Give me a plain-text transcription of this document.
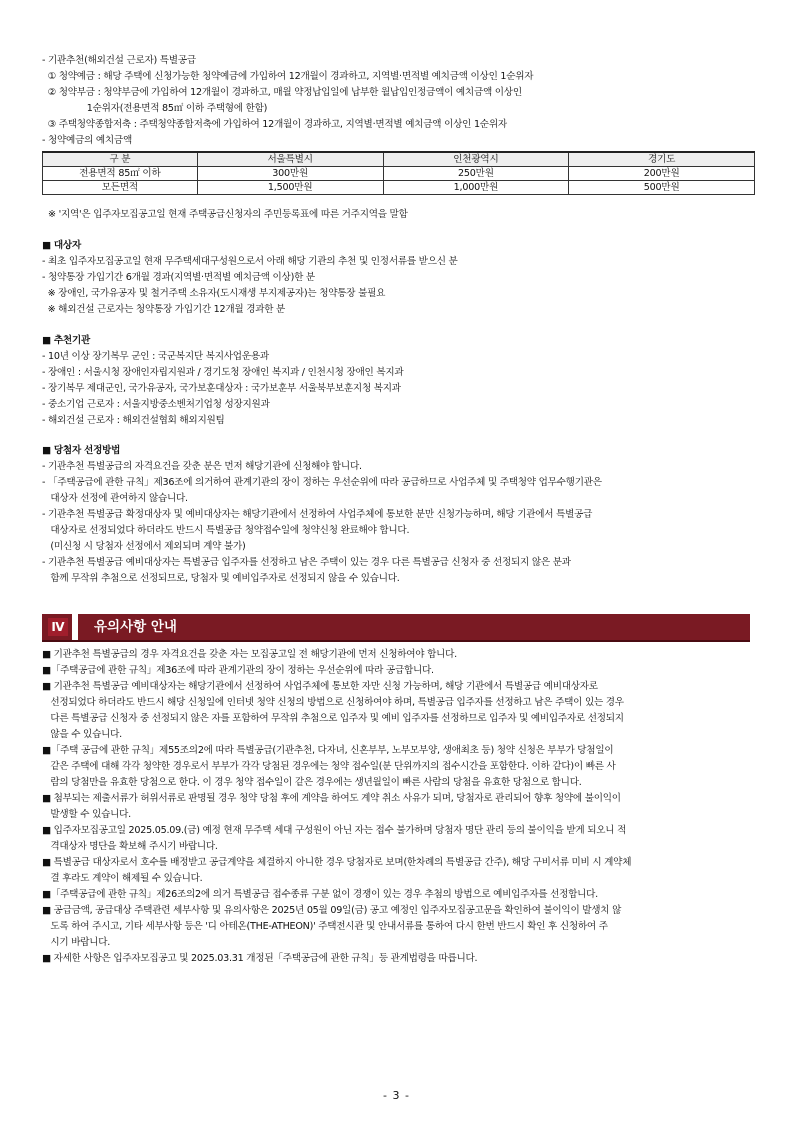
- 기관추천(해외건설 근로자) 특별공급
① 청약예금 : 해당 주택에 신청가능한 청약예금에 가입하여 12개월이 경과하고, 지역별·면적별 예치금액 이상인 1순위자
② 청약부금 : 청약부금에 가입하여 12개월이 경과하고, 매월 약정납입일에 납부한 월납입인정금액이 예치금액 이상인
1순위자(전용면적 85㎡ 이하 주택형에 한함)
③ 주택청약종합저축 : 주택청약종합저축에 가입하여 12개월이 경과하고, 지역별·면적별 예치금액 이상인 1순위자
- 청약예금의 예치금액
구 분	서울특별시	인천광역시	경기도
전용면적 85㎡ 이하	300만원	250만원	200만원
모든면적	1,500만원	1,000만원	500만원
※ '지역'은 입주자모집공고일 현재 주택공급신청자의 주민등록표에 따른 거주지역을 말함
■ 대상자
- 최초 입주자모집공고일 현재 무주택세대구성원으로서 아래 해당 기관의 추천 및 인정서류를 받으신 분
- 청약통장 가입기간 6개월 경과(지역별·면적별 예치금액 이상)한 분
※ 장애인, 국가유공자 및 철거주택 소유자(도시재생 부지제공자)는 청약통장 불필요
※ 해외건설 근로자는 청약통장 가입기간 12개월 경과한 분
■ 추천기관
- 10년 이상 장기복무 군인 : 국군복지단 복지사업운용과
- 장애인 : 서울시청 장애인자립지원과 / 경기도청 장애인 복지과 / 인천시청 장애인 복지과
- 장기복무 제대군인, 국가유공자, 국가보훈대상자 : 국가보훈부 서울북부보훈지청 복지과
- 중소기업 근로자 : 서울지방중소벤처기업청 성장지원과
- 해외건설 근로자 : 해외건설협회 해외지원팀
■ 당첨자 선정방법
- 기관추천 특별공급의 자격요건을 갖춘 분은 먼저 해당기관에 신청해야 합니다.
- 「주택공급에 관한 규칙」제36조에 의거하여 관계기관의 장이 정하는 우선순위에 따라 공급하므로 사업주체 및 주택청약 업무수행기관은
대상자 선정에 관여하지 않습니다.
- 기관추천 특별공급 확정대상자 및 예비대상자는 해당기관에서 선정하여 사업주체에 통보한 분만 신청가능하며, 해당 기관에서 특별공급
대상자로 선정되었다 하더라도 반드시 특별공급 청약접수일에 청약신청 완료해야 합니다.
(미신청 시 당첨자 선정에서 제외되며 계약 불가)
- 기관추천 특별공급 예비대상자는 특별공급 입주자를 선정하고 남은 주택이 있는 경우 다른 특별공급 신청자 중 선정되지 않은 분과
함께 무작위 추첨으로 선정되므로, 당첨자 및 예비입주자로 선정되지 않을 수 있습니다.
Ⅳ 유의사항 안내
■ 기관추천 특별공급의 경우 자격요건을 갖춘 자는 모집공고일 전 해당기관에 먼저 신청하여야 합니다.
■「주택공급에 관한 규칙」제36조에 따라 관계기관의 장이 정하는 우선순위에 따라 공급합니다.
■ 기관추천 특별공급 예비대상자는 해당기관에서 선정하여 사업주체에 통보한 자만 신청 가능하며, 해당 기관에서 특별공급 예비대상자로
선정되었다 하더라도 반드시 해당 신청일에 인터넷 청약 신청의 방법으로 신청하여야 하며, 특별공급 입주자를 선정하고 남은 주택이 있는 경우
다른 특별공급 신청자 중 선정되지 않은 자를 포함하여 무작위 추첨으로 입주자 및 예비 입주자를 선정하므로 입주자 및 예비입주자로 선정되지
않을 수 있습니다.
■「주택 공급에 관한 규칙」제55조의2에 따라 특별공급(기관추천, 다자녀, 신혼부부, 노부모부양, 생애최초 등) 청약 신청은 부부가 당첨일이
같은 주택에 대해 각각 청약한 경우로서 부부가 각각 당첨된 경우에는 청약 접수일(분 단위까지의 접수시간을 포함한다. 이하 같다)이 빠른 사
람의 당첨만을 유효한 당첨으로 한다. 이 경우 청약 접수일이 같은 경우에는 생년월일이 빠른 사람의 당첨을 유효한 당첨으로 합니다.
■ 첨부되는 제출서류가 허위서류로 판명될 경우 청약 당첨 후에 계약을 하여도 계약 취소 사유가 되며, 당첨자로 관리되어 향후 청약에 불이익이
발생할 수 있습니다.
■ 입주자모집공고일 2025.05.09.(금) 예정 현재 무주택 세대 구성원이 아닌 자는 접수 불가하며 당첨자 명단 관리 등의 불이익을 받게 되오니 적
격대상자 명단을 확보해 주시기 바랍니다.
■ 특별공급 대상자로서 호수를 배정받고 공급계약을 체결하지 아니한 경우 당첨자로 보며(한차례의 특별공급 간주), 해당 구비서류 미비 시 계약체
결 후라도 계약이 해제될 수 있습니다.
■「주택공급에 관한 규칙」제26조의2에 의거 특별공급 접수종류 구분 없이 경쟁이 있는 경우 추첨의 방법으로 예비입주자를 선정합니다.
■ 공급금액, 공급대상 주택관련 세부사항 및 유의사항은 2025년 05월 09일(금) 공고 예정인 입주자모집공고문을 확인하여 불이익이 발생치 않
도록 하여 주시고, 기타 세부사항 등은 '디 아테온(THE-ATHEON)' 주택전시관 및 안내서류를 통하여 다시 한번 반드시 확인 후 신청하여 주
시기 바랍니다.
■ 자세한 사항은 입주자모집공고 및 2025.03.31 개정된「주택공급에 관한 규칙」등 관계법령을 따릅니다.
- 3 -
